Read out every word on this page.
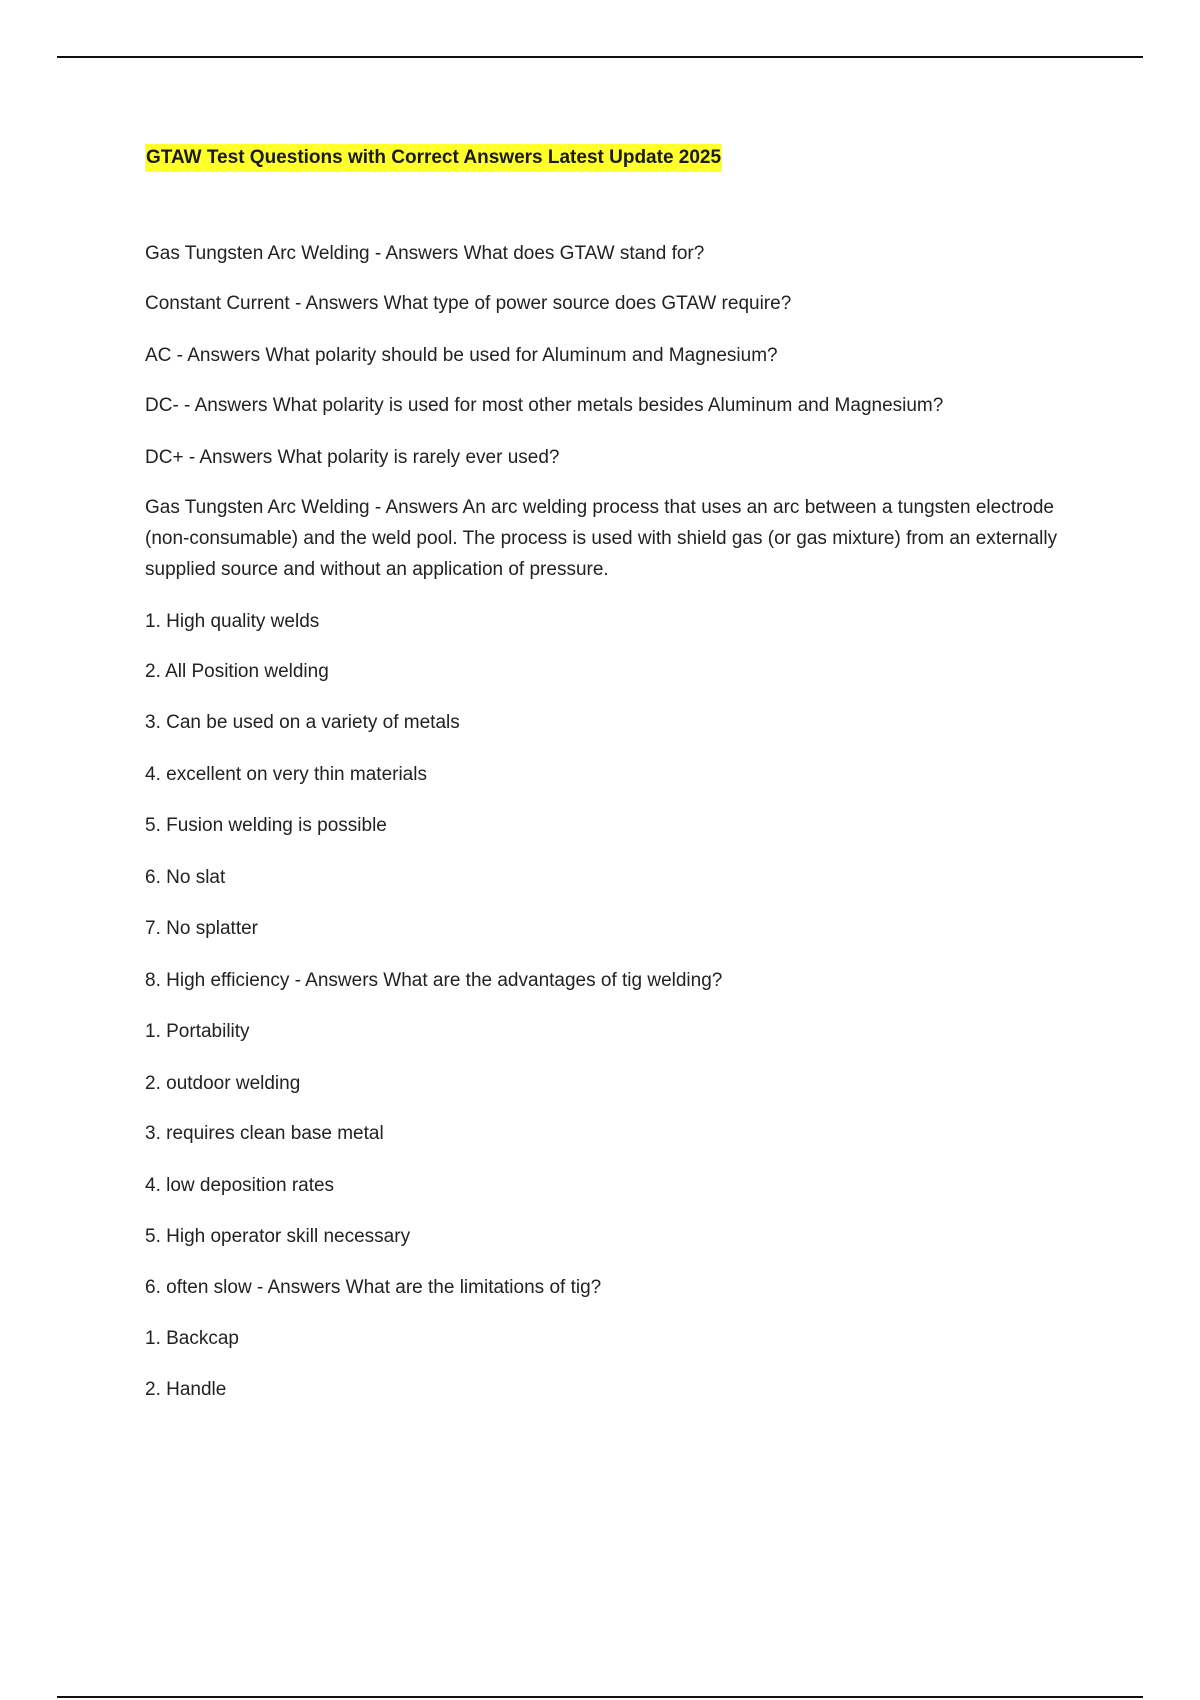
GTAW Test Questions with Correct Answers Latest Update 2025

Gas Tungsten Arc Welding - Answers What does GTAW stand for?

Constant Current - Answers What type of power source does GTAW require?

AC - Answers What polarity should be used for Aluminum and Magnesium?

DC- - Answers What polarity is used for most other metals besides Aluminum and Magnesium?

DC+ - Answers What polarity is rarely ever used?

Gas Tungsten Arc Welding - Answers An arc welding process that uses an arc between a tungsten electrode (non-consumable) and the weld pool. The process is used with shield gas (or gas mixture) from an externally supplied source and without an application of pressure.

1. High quality welds

2. All Position welding

3. Can be used on a variety of metals

4. excellent on very thin materials

5. Fusion welding is possible

6. No slat

7. No splatter

8. High efficiency - Answers What are the advantages of tig welding?

1. Portability

2. outdoor welding

3. requires clean base metal

4. low deposition rates

5. High operator skill necessary

6. often slow - Answers What are the limitations of tig?

1. Backcap

2. Handle
